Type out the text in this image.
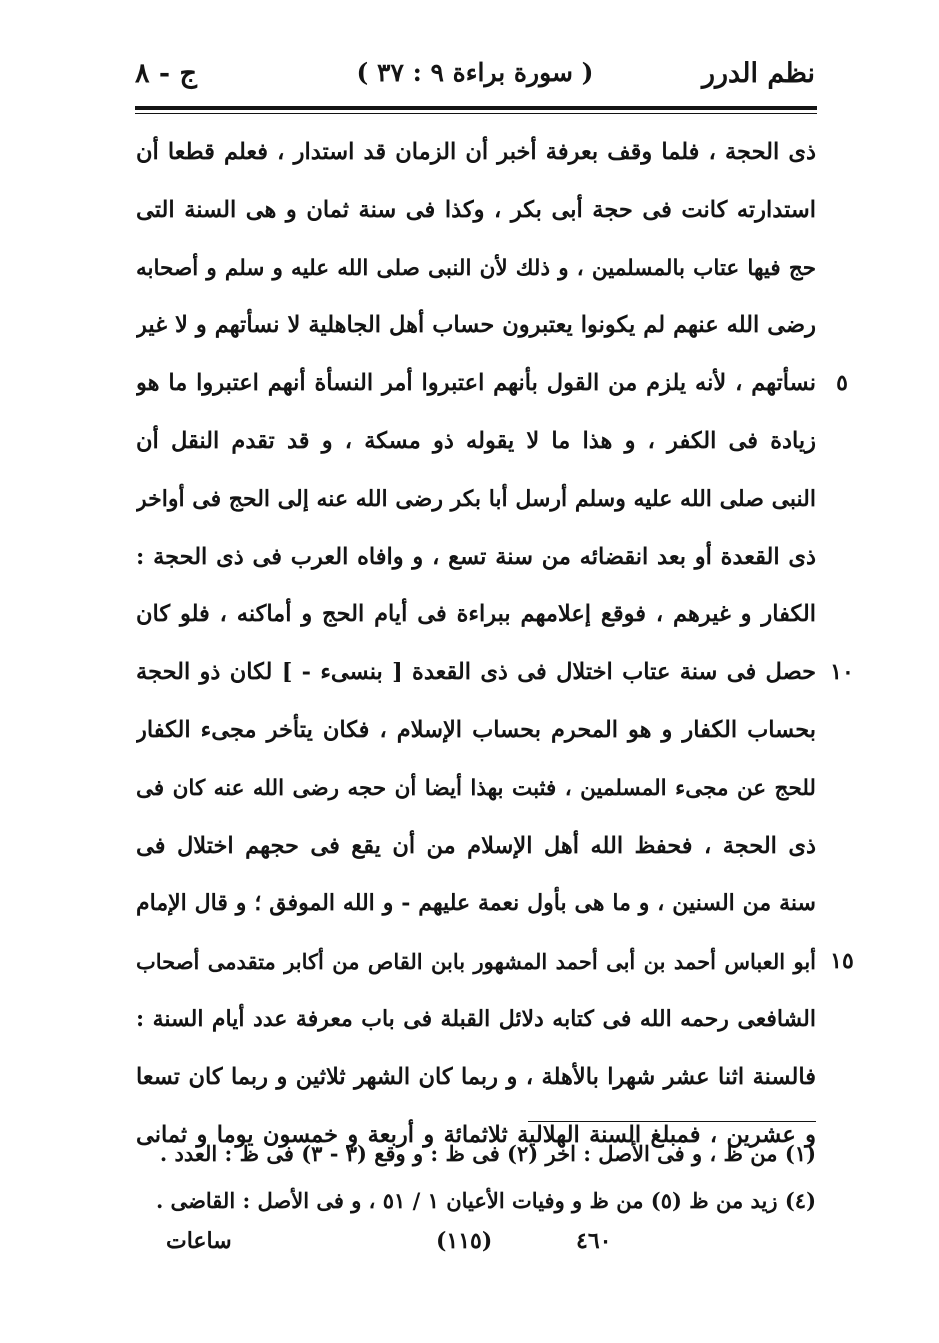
نظم الدرر
( سورة براءة ٩ : ٣٧ )
ج - ٨
ذى الحجة ، فلما وقف بعرفة أخبر أن الزمان قد استدار ، فعلم قطعا أن
استدارته كانت فى حجة أبى بكر ، وكذا فى سنة ثمان و هى السنة التى
حج فيها عتاب بالمسلمين ، و ذلك لأن النبى صلى الله عليه و سلم و أصحابه
رضى الله عنهم لم يكونوا يعتبرون حساب أهل الجاهلية لا نسأتهم و لا غير
نسأتهم ، لأنه يلزم من القول بأنهم اعتبروا أمر النسأة أنهم اعتبروا ما هو ٥
زيادة فى الكفر ، و هذا ما لا يقوله ذو مسكة ، و قد تقدم النقل أن
النبى صلى الله عليه وسلم أرسل أبا بكر رضى الله عنه إلى الحج فى أواخر
ذى القعدة أو بعد انقضائه من سنة تسع ، و وافاه العرب فى ذى الحجة :
الكفار و غيرهم ، فوقع إعلامهم ببراءة فى أيام الحج و أماكنه ، فلو كان
حصل فى سنة عتاب اختلال فى ذى القعدة [ بنسىء - ] لكان ذو الحجة ١٠
بحساب الكفار و هو المحرم بحساب الإسلام ، فكان يتأخر مجىء الكفار
للحج عن مجىء المسلمين ، فثبت بهذا أيضا أن حجه رضى الله عنه كان فى
ذى الحجة ، فحفظ الله أهل الإسلام من أن يقع فى حجهم اختلال فى
سنة من السنين ، و ما هى بأول نعمة عليهم - و الله الموفق ؛ و قال الإمام
أبو العباس أحمد بن أبى أحمد المشهور بابن القاص من أكابر متقدمى أصحاب ١٥
الشافعى رحمه الله فى كتابه دلائل القبلة فى باب معرفة عدد أيام السنة :
فالسنة اثنا عشر شهرا بالأهلة ، و ربما كان الشهر ثلاثين و ربما كان تسعا
و عشرين ، فمبلغ السنة الهلالية ثلاثمائة و أربعة و خمسون يوما و ثمانى
(١) من ظ ، و فى الأصل : اخر (٢) فى ظ : و وقع (٣ - ٣) فى ظ : العدد .
(٤) زيد من ظ (٥) من ظ و وفيات الأعيان ١ / ٥١ ، و فى الأصل : القاضى .
٤٦٠
(١١٥)
ساعات
